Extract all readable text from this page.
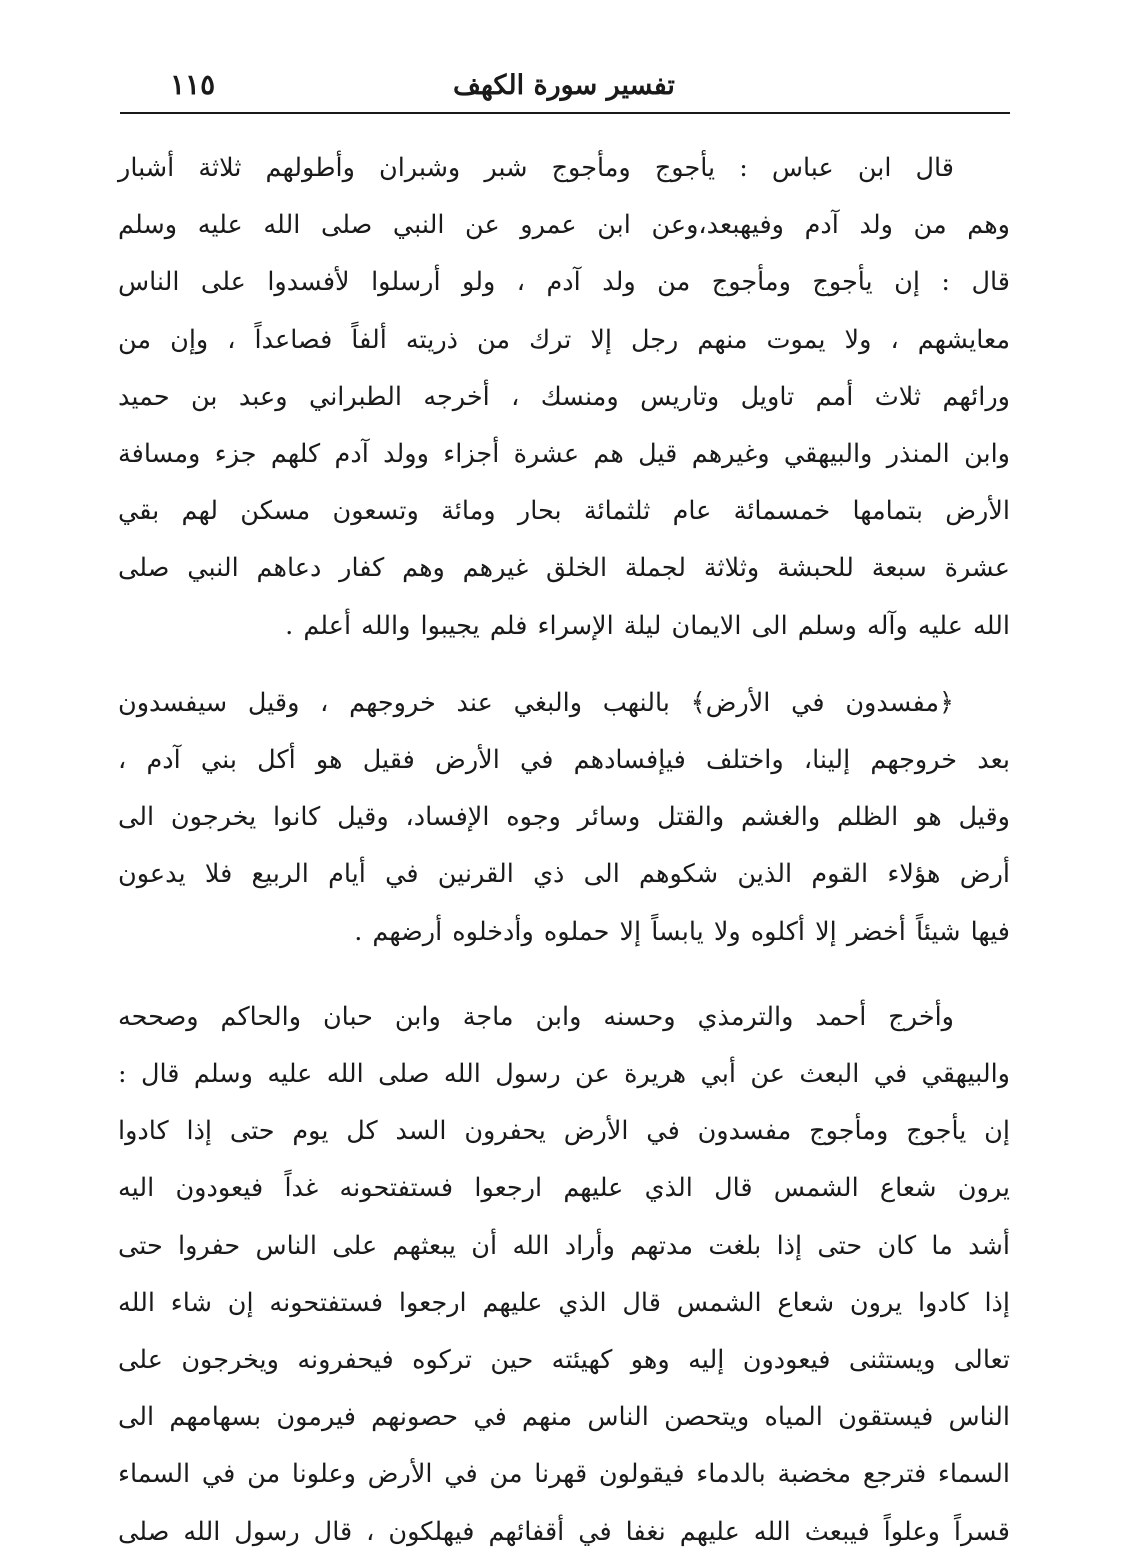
تفسير سورة الكهف
١١٥
قال ابن عباس : يأجوج ومأجوج شبر وشبران وأطولهم ثلاثة أشبار
وهم من ولد آدم وفيهبعد،وعن ابن عمرو عن النبي صلى الله عليه وسلم
قال : إن يأجوج ومأجوج من ولد آدم ، ولو أرسلوا لأفسدوا على الناس
معايشهم ، ولا يموت منهم رجل إلا ترك من ذريته ألفاً فصاعداً ، وإن من
ورائهم ثلاث أمم تاويل وتاريس ومنسك ، أخرجه الطبراني وعبد بن حميد
وابن المنذر والبيهقي وغيرهم قيل هم عشرة أجزاء وولد آدم كلهم جزء ومسافة
الأرض بتمامها خمسمائة عام ثلثمائة بحار ومائة وتسعون مسكن لهم بقي
عشرة سبعة للحبشة وثلاثة لجملة الخلق غيرهم وهم كفار دعاهم النبي صلى
الله عليه وآله وسلم الى الايمان ليلة الإسراء فلم يجيبوا والله أعلم .
﴿مفسدون في الأرض﴾ بالنهب والبغي عند خروجهم ، وقيل سيفسدون
بعد خروجهم إلينا، واختلف فيإفسادهم في الأرض فقيل هو أكل بني آدم ،
وقيل هو الظلم والغشم والقتل وسائر وجوه الإفساد، وقيل كانوا يخرجون الى
أرض هؤلاء القوم الذين شكوهم الى ذي القرنين في أيام الربيع فلا يدعون
فيها شيئاً أخضر إلا أكلوه ولا يابساً إلا حملوه وأدخلوه أرضهم .
وأخرج أحمد والترمذي وحسنه وابن ماجة وابن حبان والحاكم وصححه
والبيهقي في البعث عن أبي هريرة عن رسول الله صلى الله عليه وسلم قال :
إن يأجوج ومأجوج مفسدون في الأرض يحفرون السد كل يوم حتى إذا كادوا
يرون شعاع الشمس قال الذي عليهم ارجعوا فستفتحونه غداً فيعودون اليه
أشد ما كان حتى إذا بلغت مدتهم وأراد الله أن يبعثهم على الناس حفروا حتى
إذا كادوا يرون شعاع الشمس قال الذي عليهم ارجعوا فستفتحونه إن شاء الله
تعالى ويستثنى فيعودون إليه وهو كهيئته حين تركوه فيحفرونه ويخرجون على
الناس فيستقون المياه ويتحصن الناس منهم في حصونهم فيرمون بسهامهم الى
السماء فترجع مخضبة بالدماء فيقولون قهرنا من في الأرض وعلونا من في السماء
قسراً وعلواً فيبعث الله عليهم نغفا في أقفائهم فيهلكون ، قال رسول الله صلى
